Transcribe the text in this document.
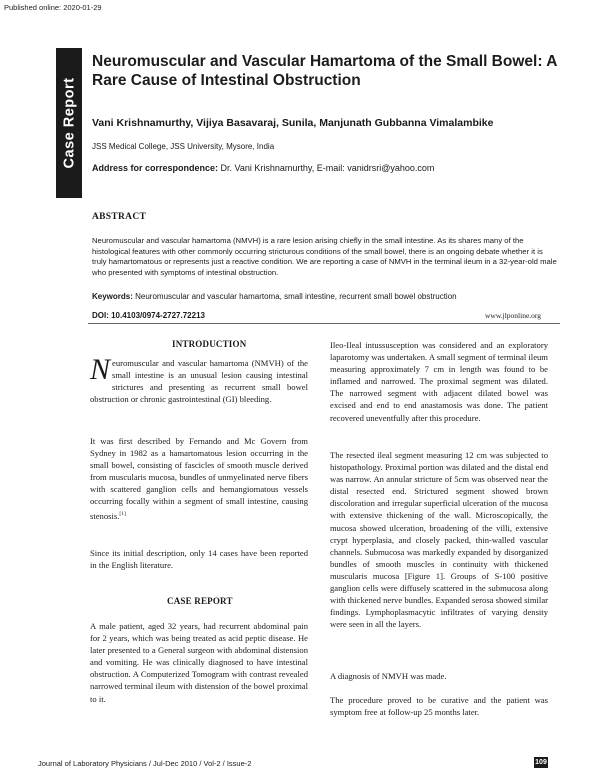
Published online: 2020-01-29
Case Report
Neuromuscular and Vascular Hamartoma of the Small Bowel: A Rare Cause of Intestinal Obstruction
Vani Krishnamurthy, Vijiya Basavaraj, Sunila, Manjunath Gubbanna Vimalambike
JSS Medical College, JSS University, Mysore, India
Address for correspondence: Dr. Vani Krishnamurthy, E-mail: vanidrsri@yahoo.com
ABSTRACT
Neuromuscular and vascular hamartoma (NMVH) is a rare lesion arising chiefly in the small intestine. As its shares many of the histological features with other commonly occurring stricturous conditions of the small bowel, there is an ongoing debate whether it is truly hamartomatous or represents just a reactive condition. We are reporting a case of NMVH in the terminal ileum in a 32-year-old male who presented with symptoms of intestinal obstruction.
Keywords: Neuromuscular and vascular hamartoma, small intestine, recurrent small bowel obstruction
DOI: 10.4103/0974-2727.72213	www.jlponline.org
INTRODUCTION

Neuromuscular and vascular hamartoma (NMVH) of the small intestine is an unusual lesion causing intestinal strictures and presenting as recurrent small bowel obstruction or chronic gastrointestinal (GI) bleeding.

It was first described by Fernando and Mc Govern from Sydney in 1982 as a hamartomatous lesion occurring in the small bowel, consisting of fascicles of smooth muscle derived from muscularis mucosa, bundles of unmyelinated nerve fibers with scattered ganglion cells and hemangiomatous vessels occurring focally within a segment of small intestine, causing stenosis.[1]

Since its initial description, only 14 cases have been reported in the English literature.

CASE REPORT

A male patient, aged 32 years, had recurrent abdominal pain for 2 years, which was being treated as acid peptic disease. He later presented to a General surgeon with abdominal distension and vomiting. He was clinically diagnosed to have intestinal obstruction. A Computerized Tomogram with contrast revealed narrowed terminal ileum with distension of the bowel proximal to it.

Ileo-Ileal intussusception was considered and an exploratory laparotomy was undertaken. A small segment of terminal ileum measuring approximately 7 cm in length was found to be inflamed and narrowed. The proximal segment was dilated. The narrowed segment with adjacent dilated bowel was excised and end to end anastamosis was done. The patient recovered uneventfully after this procedure.

The resected ileal segment measuring 12 cm was subjected to histopathology. Proximal portion was dilated and the distal end was narrow. An annular stricture of 5cm was observed near the distal resected end. Strictured segment showed brown discoloration and irregular superficial ulceration of the mucosa with extensive thickening of the wall. Microscopically, the mucosa showed ulceration, broadening of the villi, extensive crypt hyperplasia, and closely packed, thin-walled vascular channels. Submucosa was markedly expanded by disorganized bundles of smooth muscles in continuity with thickened muscularis mucosa [Figure 1]. Groups of S-100 positive ganglion cells were diffusely scattered in the submucosa along with thickened nerve bundles. Expanded serosa showed similar findings. Lymphoplasmacytic infiltrates of varying density were seen in all the layers.

A diagnosis of NMVH was made.

The procedure proved to be curative and the patient was symptom free at follow-up 25 months later.

Journal of Laboratory Physicians / Jul-Dec 2010 / Vol-2 / Issue-2	109
